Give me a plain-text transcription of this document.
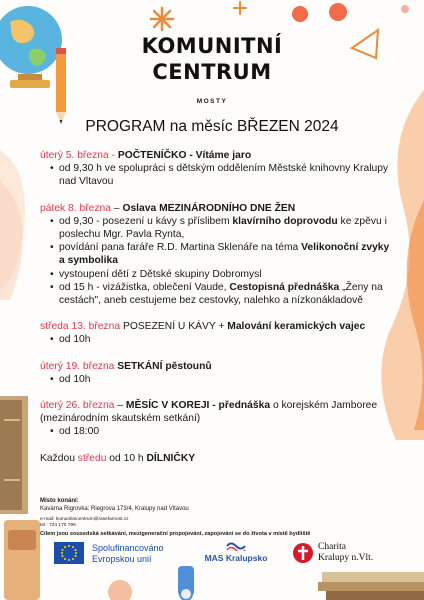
KOMUNITNÍ
CENTRUM
MOSTY
PROGRAM na měsíc BŘEZEN 2024
úterý 5. března - POČTENÍČKO - Vítáme jaro
• od 9,30 h ve spolupráci s dětským oddělením Městské knihovny Kralupy nad Vltavou
pátek 8. března – Oslava MEZINÁRODNÍHO DNE ŽEN
• od 9,30 - posezení u kávy s příslibem klavírního doprovodu ke zpěvu i poslechu Mgr. Pavla Rynta,
• povídání pana faráře R.D. Martina Sklenáře na téma Velikonoční zvyky a symbolika
• vystoupení dětí z Dětské skupiny Dobromysl
• od 15 h - vizážistka, oblečení Vaude, Cestopisná přednáška „Ženy na cestách", aneb cestujeme bez cestovky, nalehko a nízkonákladově
středa 13. března POSEZENÍ U KÁVY + Malování keramických vajec
• od 10h
úterý 19. března SETKÁNÍ pěstounů
• od 10h
úterý 26. března – MĚSÍC V KOREJI - přednáška o korejském Jamboree (mezinárodním skautském setkání)
• od 18:00
Každou středu od 10 h DÍLNIČKY
Místo konání:
Kavárna Rigrovka: Riegrova 173/4, Kralupy nad Vltavou
e-mail: komunitnicentrum@rasefarnost.cz
tel.: 724 170 796
Cílem jsou sousedská setkávání, mezigenerační propojování, zapojování se do života v místě bydliště
Spolufinancováno
Evropskou unií	MAS Kralupsko
Charita
Kralupy n.Vlt.
